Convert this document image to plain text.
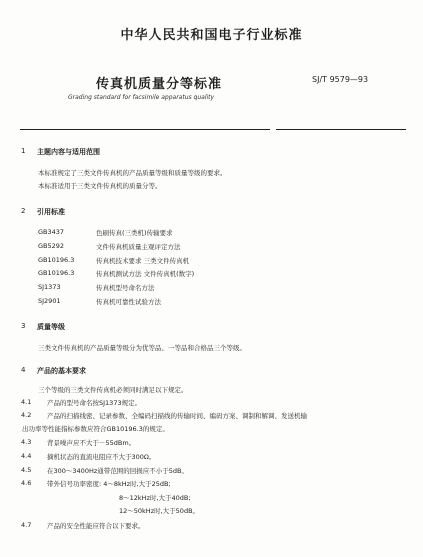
中华人民共和国电子行业标准
传真机质量分等标准	SJ/T 9579—93
Grading standard for facsimile apparatus quality
1 主题内容与适用范围
本标准规定了三类文件传真机的产品质量等级和质量等级的要求。
本标准适用于三类文件传真机的质量分等。
2 引用标准
GB3437	色刷传真(三类机)传输要求
GB5292	文件传真机质量主观评定方法
GB10196.3	传真机技术要求 三类文件传真机
GB10196.3	传真机测试方法 文件传真机(数字)
SJ1373	传真机型号命名方法
SJ2901	传真机可靠性试验方法
3 质量等级
三类文件传真机的产品质量等级分为优等品、一等品和合格品三个等级。
4 产品的基本要求
三个等级的三类文件传真机必须同时满足以下规定。
4.1 产品的型号命名按SJ1373规定。
4.2 产品的扫描线密、记录参数、全编码扫描线的传输时间、编码方案、调制和解调、发送机输
出功率等性能指标参数应符合GB10196.3的规定。
4.3 背景噪声应不大于－55dBm。
4.4 摘机状态的直流电阻应不大于300Ω。
4.5 在300～3400Hz通带范围的回损应不小于5dB。
4.6 带外信号功率密度: 4～8kHz时,大于25dB;
8～12kHz时,大于40dB;
12～50kHz时,大于50dB。
4.7 产品的安全性能应符合以下要求。
